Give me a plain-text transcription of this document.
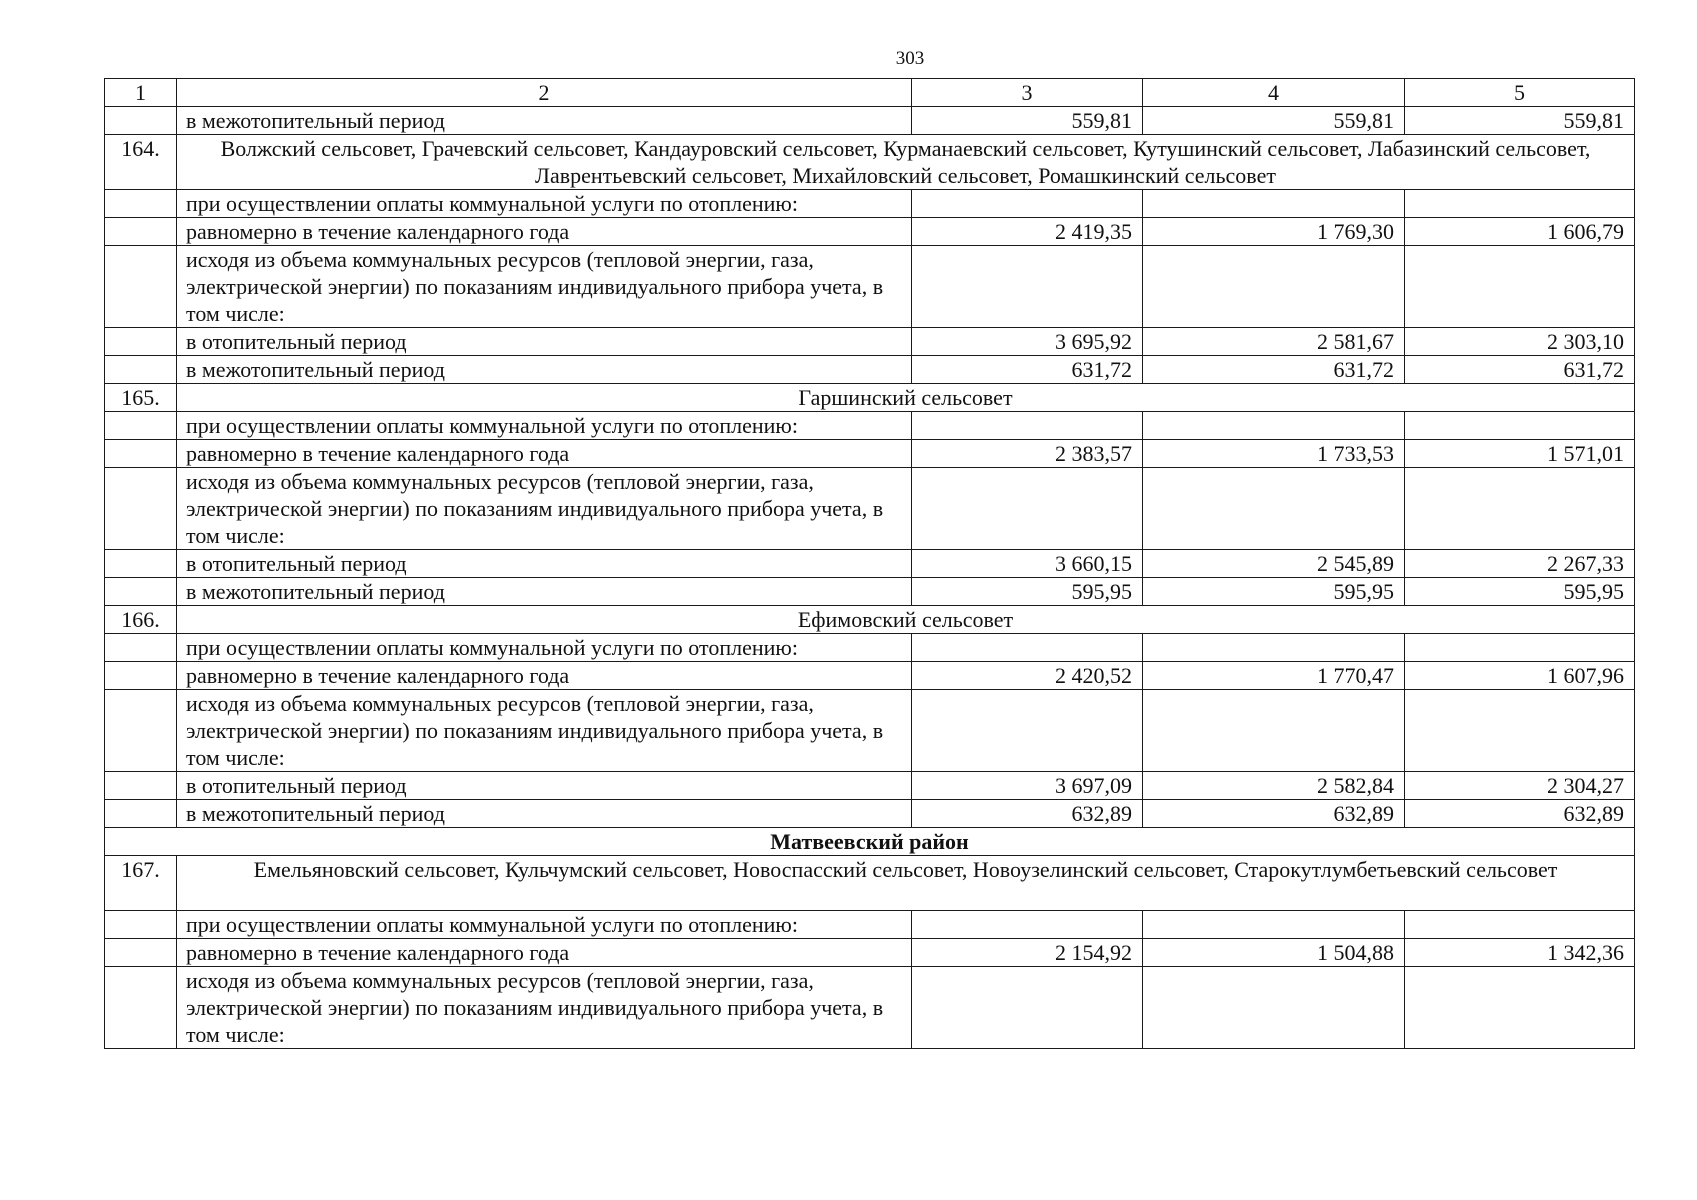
303
1	2	3	4	5
	в межотопительный период	559,81	559,81	559,81
164.	Волжский сельсовет, Грачевский сельсовет, Кандауровский сельсовет, Курманаевский сельсовет, Кутушинский сельсовет, Лабазинский сельсовет, Лаврентьевский сельсовет, Михайловский сельсовет, Ромашкинский сельсовет			
	при осуществлении оплаты коммунальной услуги по отоплению:			
	равномерно в течение календарного года	2 419,35	1 769,30	1 606,79
	исходя из объема коммунальных ресурсов (тепловой энергии, газа, электрической энергии) по показаниям индивидуального прибора учета, в том числе:			
	в отопительный период	3 695,92	2 581,67	2 303,10
	в межотопительный период	631,72	631,72	631,72
165.	Гаршинский сельсовет			
	при осуществлении оплаты коммунальной услуги по отоплению:			
	равномерно в течение календарного года	2 383,57	1 733,53	1 571,01
	исходя из объема коммунальных ресурсов (тепловой энергии, газа, электрической энергии) по показаниям индивидуального прибора учета, в том числе:			
	в отопительный период	3 660,15	2 545,89	2 267,33
	в межотопительный период	595,95	595,95	595,95
166.	Ефимовский сельсовет			
	при осуществлении оплаты коммунальной услуги по отоплению:			
	равномерно в течение календарного года	2 420,52	1 770,47	1 607,96
	исходя из объема коммунальных ресурсов (тепловой энергии, газа, электрической энергии) по показаниям индивидуального прибора учета, в том числе:			
	в отопительный период	3 697,09	2 582,84	2 304,27
	в межотопительный период	632,89	632,89	632,89
Матвеевский район				
167.	Емельяновский сельсовет, Кульчумский сельсовет, Новоспасский сельсовет, Новоузелинский сельсовет, Старокутлумбетьевский сельсовет			
	при осуществлении оплаты коммунальной услуги по отоплению:			
	равномерно в течение календарного года	2 154,92	1 504,88	1 342,36
	исходя из объема коммунальных ресурсов (тепловой энергии, газа, электрической энергии) по показаниям индивидуального прибора учета, в том числе:			
